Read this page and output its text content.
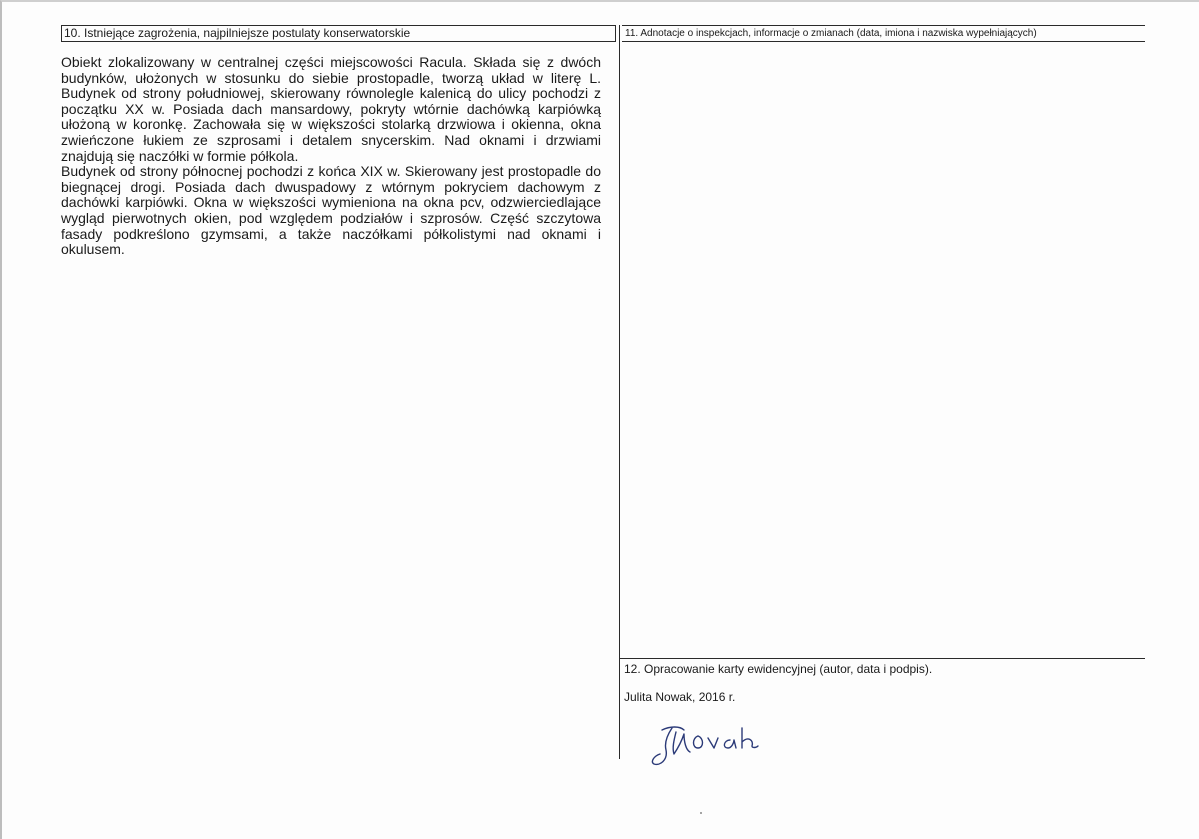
10. Istniejące zagrożenia, najpilniejsze postulaty konserwatorskie	11. Adnotacje o inspekcjach, informacje o zmianach (data, imiona i nazwiska wypełniających)

Obiekt zlokalizowany w centralnej części miejscowości Racula. Składa się z dwóch budynków, ułożonych w stosunku do siebie prostopadle, tworzą układ w literę L. Budynek od strony południowej, skierowany równolegle kalenicą do ulicy pochodzi z początku XX w. Posiada dach mansardowy, pokryty wtórnie dachówką karpiówką ułożoną w koronkę. Zachowała się w większości stolarką drzwiowa i okienna, okna zwieńczone łukiem ze szprosami i detalem snycerskim. Nad oknami i drzwiami znajdują się naczółki w formie półkola.

Budynek od strony północnej pochodzi z końca XIX w. Skierowany jest prostopadle do biegnącej drogi. Posiada dach dwuspadowy z wtórnym pokryciem dachowym z dachówki karpiówki. Okna w większości wymieniona na okna pcv, odzwierciedlające wygląd pierwotnych okien, pod względem podziałów i szprosów. Część szczytowa fasady podkreślono gzymsami, a także naczółkami półkolistymi nad oknami i okulusem.

12. Opracowanie karty ewidencyjnej (autor, data i podpis).
Julita Nowak, 2016 r.
